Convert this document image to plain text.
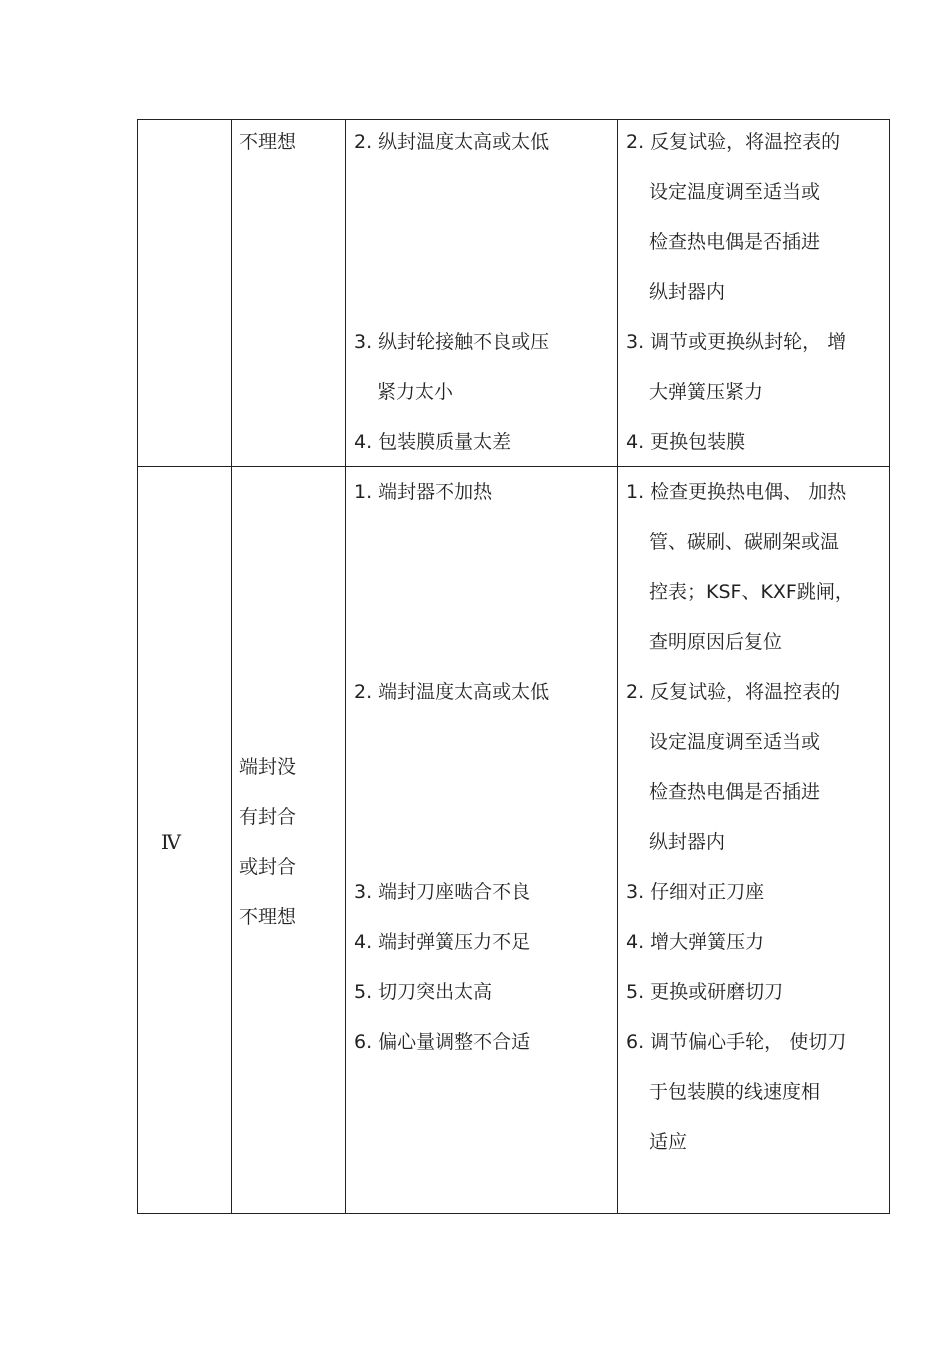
不理想	2. 纵封温度太高或太低
3. 纵封轮接触不良或压
紧力太小
4. 包装膜质量太差
2. 反复试验，将温控表的
设定温度调至适当或
检查热电偶是否插进
纵封器内
3. 调节或更换纵封轮， 增
大弹簧压紧力
4. 更换包装膜
Ⅳ
端封没
有封合
或封合
不理想
1. 端封器不加热
2. 端封温度太高或太低
3. 端封刀座啮合不良
4. 端封弹簧压力不足
5. 切刀突出太高
6. 偏心量调整不合适
1. 检查更换热电偶、 加热
管、碳刷、碳刷架或温
控表；KSF、KXF跳闸，
查明原因后复位
2. 反复试验，将温控表的
设定温度调至适当或
检查热电偶是否插进
纵封器内
3. 仔细对正刀座
4. 增大弹簧压力
5. 更换或研磨切刀
6. 调节偏心手轮， 使切刀
于包装膜的线速度相
适应
